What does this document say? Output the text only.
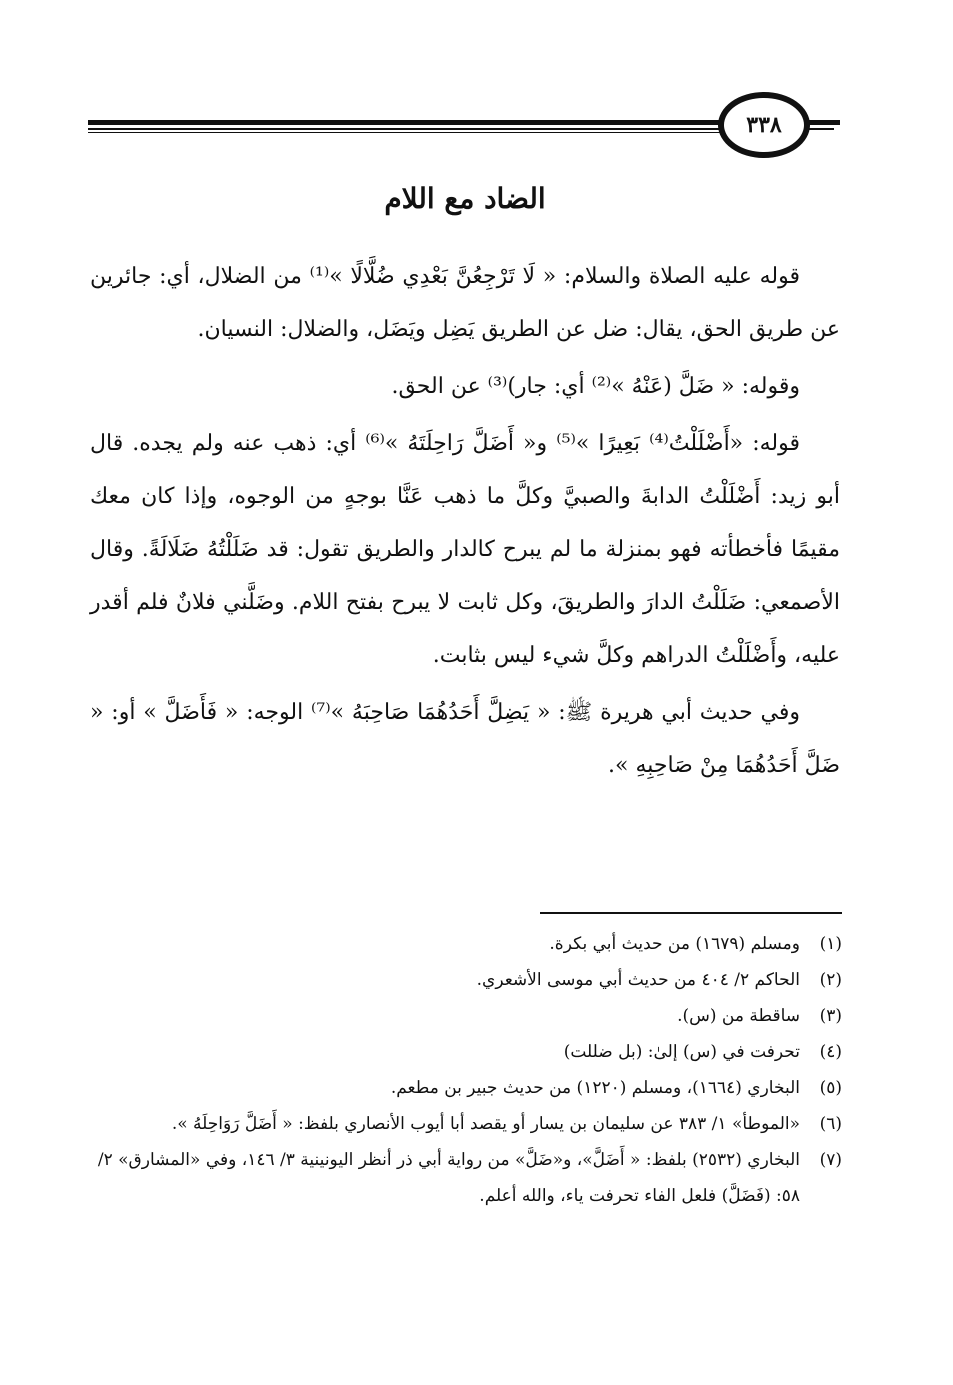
٣٣٨
الضاد مع اللام

قوله عليه الصلاة والسلام: « لَا تَرْجِعُنَّ بَعْدِي ضُلَّالًا »⁽¹⁾ من الضلال، أي: جائرين عن طريق الحق، يقال: ضل عن الطريق يَضِل ويَضَل، والضلال: النسيان.

وقوله: « ضَلَّ (عَنْهُ »⁽²⁾ أي: جار)⁽³⁾ عن الحق.

قوله: «أَضْلَلْتُ⁽⁴⁾ بَعِيرًا »⁽⁵⁾ و« أَضَلَّ رَاحِلَتَهُ »⁽⁶⁾ أي: ذهب عنه ولم يجده. قال أبو زيد: أَضْلَلْتُ الدابةَ والصبيَّ وكلَّ ما ذهب عَنَّا بوجهٍ من الوجوه، وإذا كان معك مقيمًا فأخطأته فهو بمنزلة ما لم يبرح كالدار والطريق تقول: قد ضَلَلْتُهُ ضَلَالَةً. وقال الأصمعي: ضَلَلْتُ الدارَ والطريقَ، وكل ثابت لا يبرح بفتح اللام. وضَلَّني فلانٌ فلم أقدر عليه، وأَضْلَلْتُ الدراهم وكلَّ شيء ليس بثابت.

وفي حديث أبي هريرة ﷺ: « يَضِلَّ أَحَدُهُمَا صَاحِبَهُ »⁽⁷⁾ الوجه: « فَأَضَلَّ » أو: « ضَلَّ أَحَدُهُمَا مِنْ صَاحِبِهِ ».

(١)
ومسلم (١٦٧٩) من حديث أبي بكرة.
(٢)
الحاكم ٢/ ٤٠٤ من حديث أبي موسى الأشعري.
(٣)
ساقطة من (س).
(٤)
تحرفت في (س) إلىٰ: (بل ضللت)
(٥)
البخاري (١٦٦٤)، ومسلم (١٢٢٠) من حديث جبير بن مطعم.
(٦)
«الموطأ» ١/ ٣٨٣ عن سليمان بن يسار أو يقصد أبا أيوب الأنصاري بلفظ: « أَضَلَّ رَوَاحِلَهُ ».
(٧)
البخاري (٢٥٣٢) بلفظ: « أَضَلَّ»، و«ضَلَّ» من رواية أبي ذر أنظر اليونينية ٣/ ١٤٦، وفي «المشارق» ٢/ ٥٨: (فَضَلَّ) فلعل الفاء تحرفت ياء، والله أعلم.
